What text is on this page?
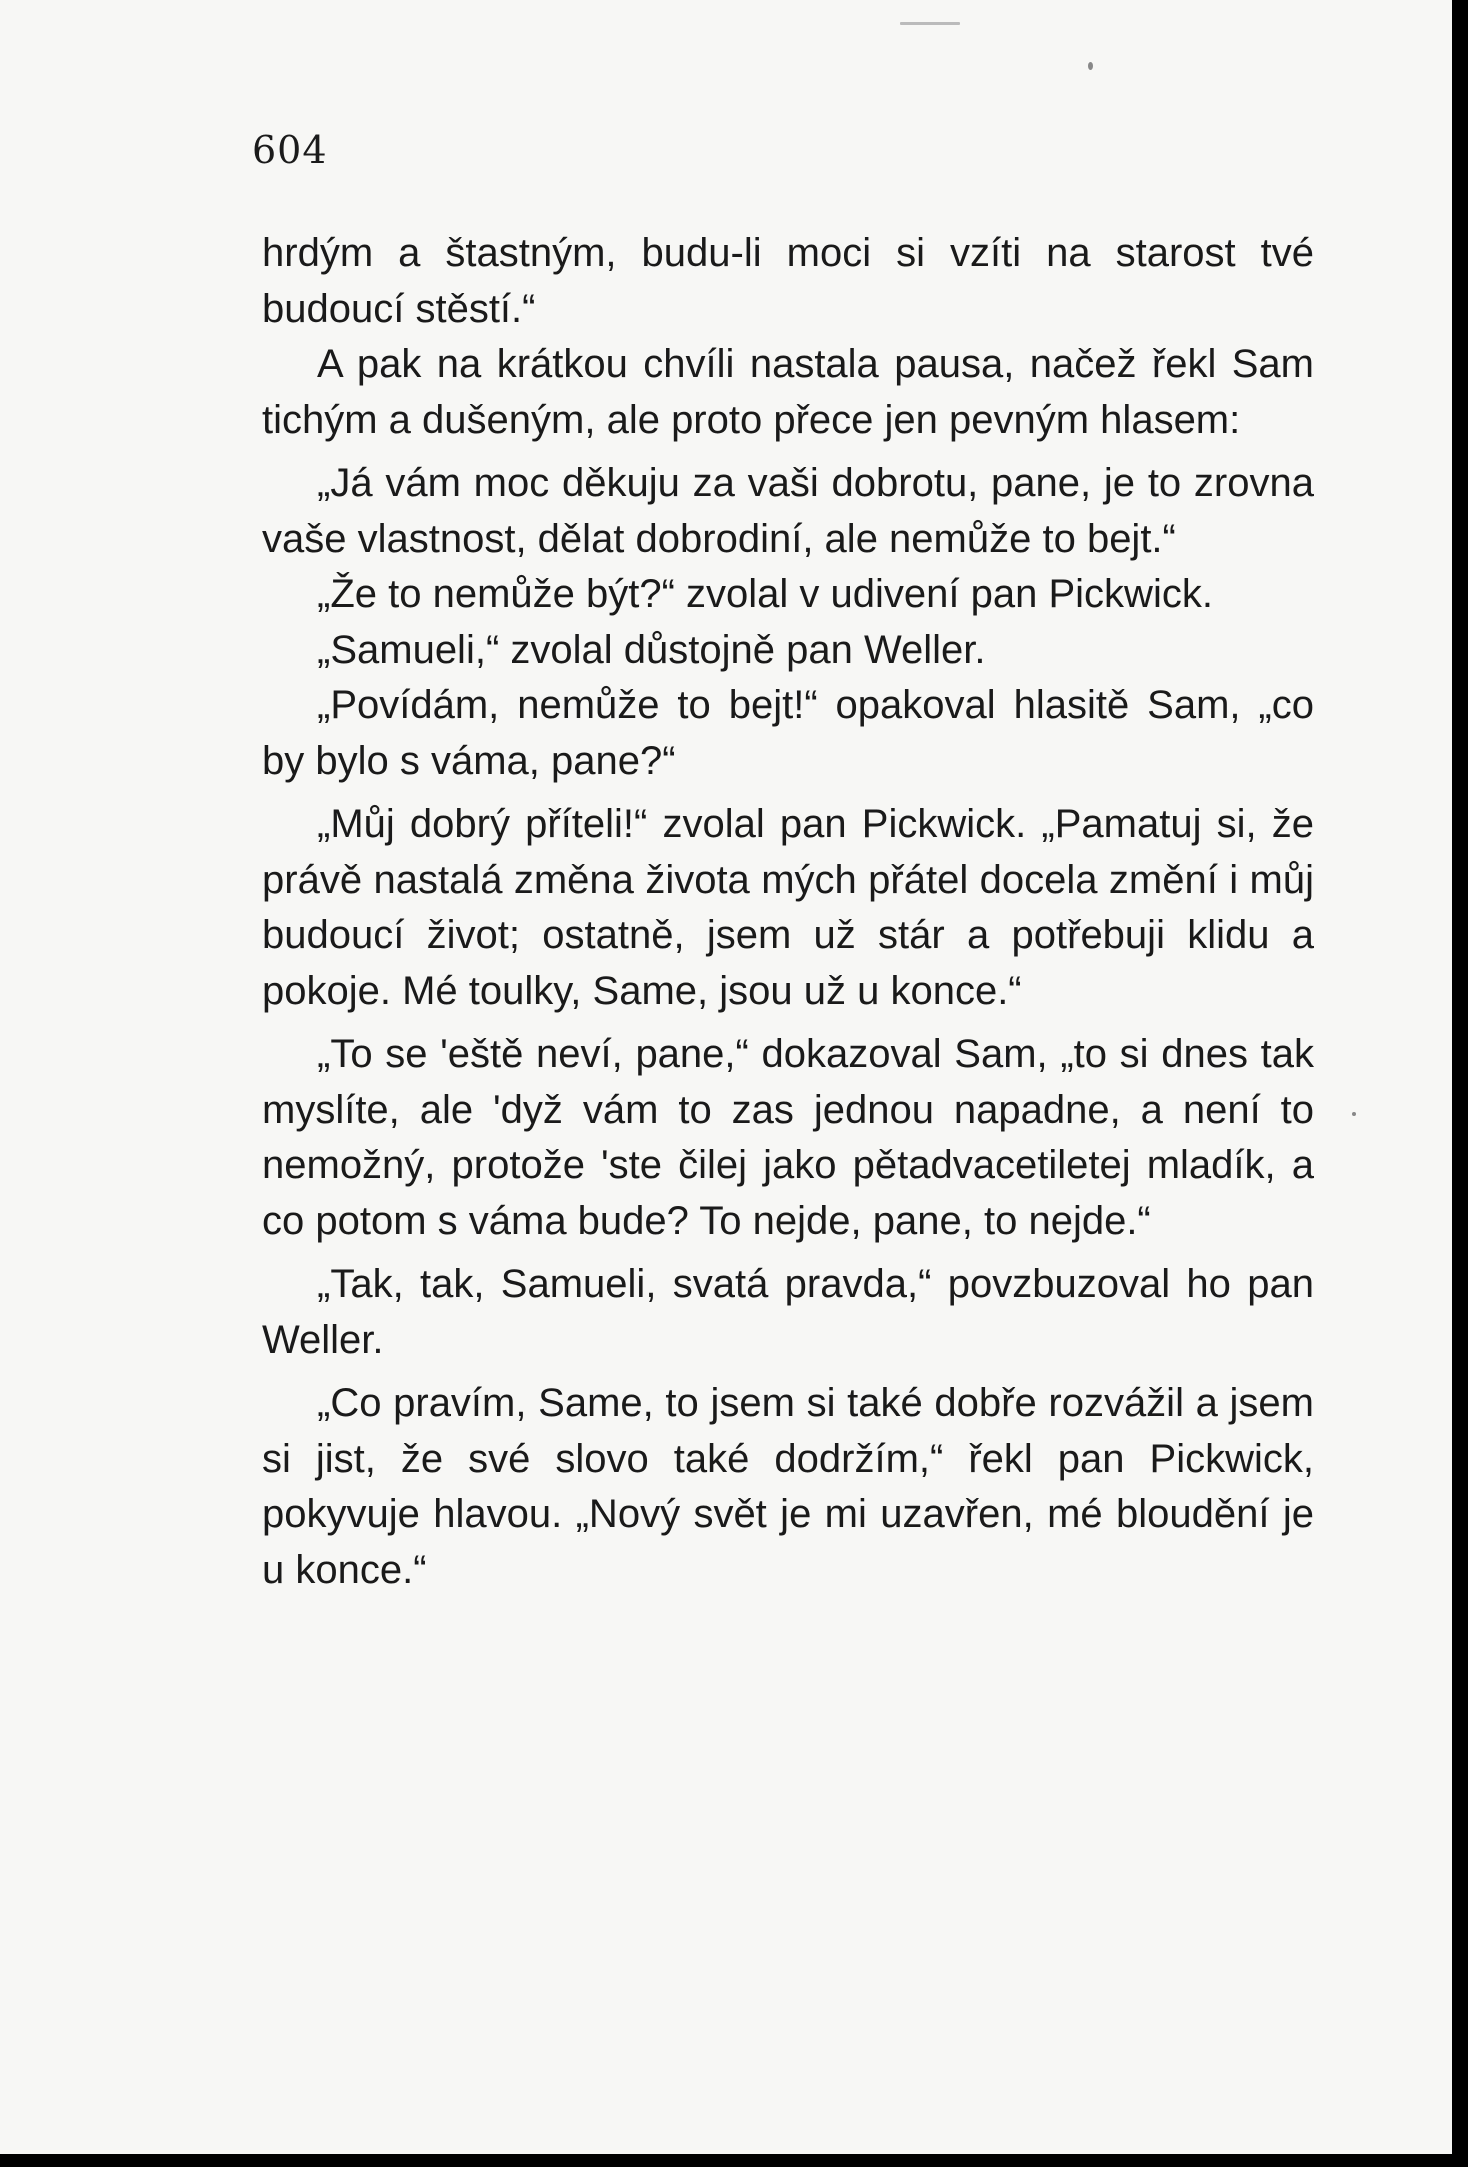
604

hrdým a štastným, budu-li moci si vzíti na starost tvé budoucí stěstí.“

A pak na krátkou chvíli nastala pausa, načež řekl Sam tichým a dušeným, ale proto přece jen pevným hlasem:

„Já vám moc děkuju za vaši dobrotu, pane, je to zrovna vaše vlastnost, dělat dobrodiní, ale nemůže to bejt.“

„Že to nemůže být?“ zvolal v udivení pan Pickwick.

„Samueli,“ zvolal důstojně pan Weller.

„Povídám, nemůže to bejt!“ opakoval hlasitě Sam, „co by bylo s váma, pane?“

„Můj dobrý příteli!“ zvolal pan Pickwick. „Pamatuj si, že právě nastalá změna života mých přátel docela změní i můj budoucí život; ostatně, jsem už stár a potřebuji klidu a pokoje. Mé toulky, Same, jsou už u konce.“

„To se 'eště neví, pane,“ dokazoval Sam, „to si dnes tak myslíte, ale 'dyž vám to zas jednou napadne, a není to nemožný, protože 'ste čilej jako pětadvacetiletej mladík, a co potom s váma bude? To nejde, pane, to nejde.“

„Tak, tak, Samueli, svatá pravda,“ povzbuzoval ho pan Weller.

„Co pravím, Same, to jsem si také dobře rozvážil a jsem si jist, že své slovo také dodržím,“ řekl pan Pickwick, pokyvuje hlavou. „Nový svět je mi uzavřen, mé bloudění je u konce.“
